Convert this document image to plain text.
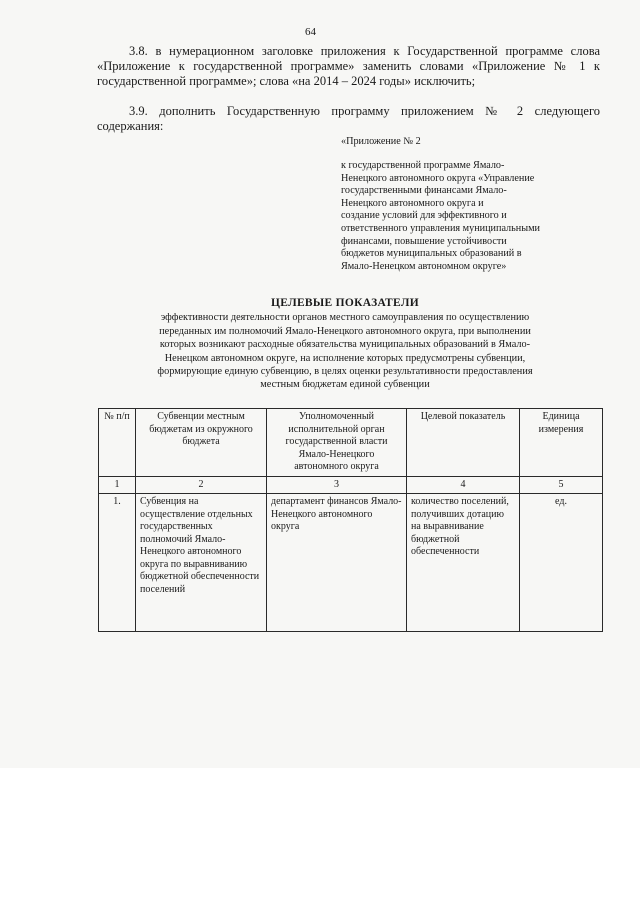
64
3.8. в нумерационном заголовке приложения к Государственной программе слова «Приложение к государственной программе» заменить словами «Приложение № 1 к государственной программе»; слова «на 2014 – 2024 годы» исключить;
3.9. дополнить Государственную программу приложением № 2 следующего содержания:
«Приложение № 2
к государственной программе Ямало-
Ненецкого автономного округа «Управление
государственными финансами Ямало-
Ненецкого автономного округа и
создание условий для эффективного и
ответственного управления муниципальными
финансами, повышение устойчивости
бюджетов муниципальных образований в
Ямало-Ненецком автономном округе»
ЦЕЛЕВЫЕ ПОКАЗАТЕЛИ
эффективности деятельности органов местного самоуправления по осуществлению
переданных им полномочий Ямало-Ненецкого автономного округа, при выполнении
которых возникают расходные обязательства муниципальных образований в Ямало-
Ненецком автономном округе, на исполнение которых предусмотрены субвенции,
формирующие единую субвенцию, в целях оценки результативности предоставления
местным бюджетам единой субвенции
№ п/п	Субвенции местным бюджетам из окружного бюджета	Уполномоченный исполнительной орган государственной власти Ямало-Ненецкого автономного округа	Целевой показатель	Единица измерения
1	2	3	4	5
1.	Субвенция на осуществление отдельных государственных полномочий Ямало-Ненецкого автономного округа по выравниванию бюджетной обеспеченности поселений	департамент финансов Ямало-Ненецкого автономного округа	количество поселений, получивших дотацию на выравнивание бюджетной обеспеченности	ед.
